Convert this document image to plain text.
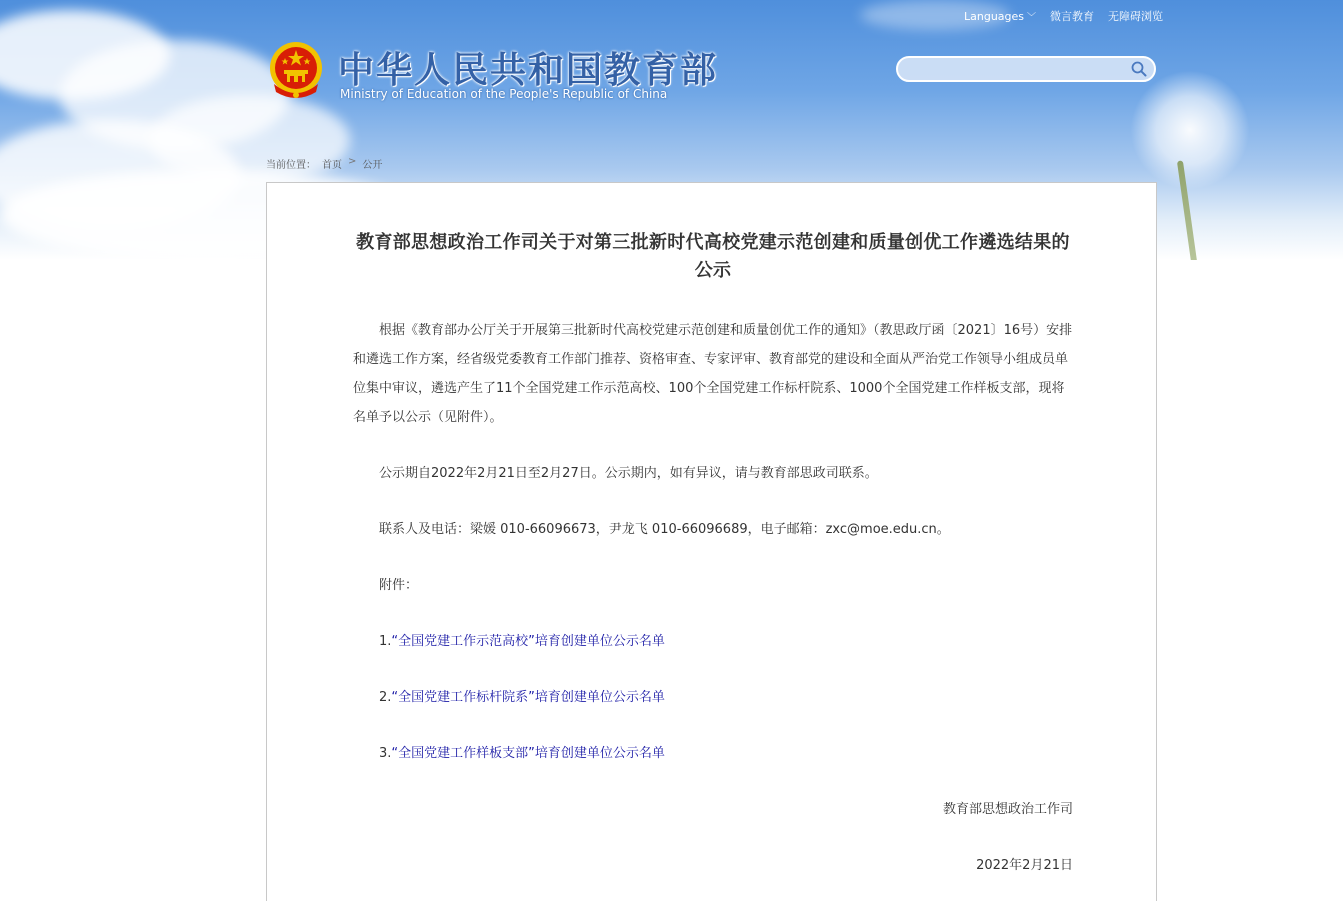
Languages ﹀ 微言教育 无障碍浏览
中华人民共和国教育部
Ministry of Education of the People's Republic of China
当前位置： 首页 > 公开
教育部思想政治工作司关于对第三批新时代高校党建示范创建和质量创优工作遴选结果的公示
根据《教育部办公厅关于开展第三批新时代高校党建示范创建和质量创优工作的通知》（教思政厅函〔2021〕16号）安排和遴选工作方案，经省级党委教育工作部门推荐、资格审查、专家评审、教育部党的建设和全面从严治党工作领导小组成员单位集中审议，遴选产生了11个全国党建工作示范高校、100个全国党建工作标杆院系、1000个全国党建工作样板支部，现将名单予以公示（见附件）。
公示期自2022年2月21日至2月27日。公示期内，如有异议，请与教育部思政司联系。
联系人及电话：梁媛 010-66096673，尹龙飞 010-66096689，电子邮箱：zxc@moe.edu.cn。
附件：
1.“全国党建工作示范高校”培育创建单位公示名单
2.“全国党建工作标杆院系”培育创建单位公示名单
3.“全国党建工作样板支部”培育创建单位公示名单
教育部思想政治工作司
2022年2月21日
